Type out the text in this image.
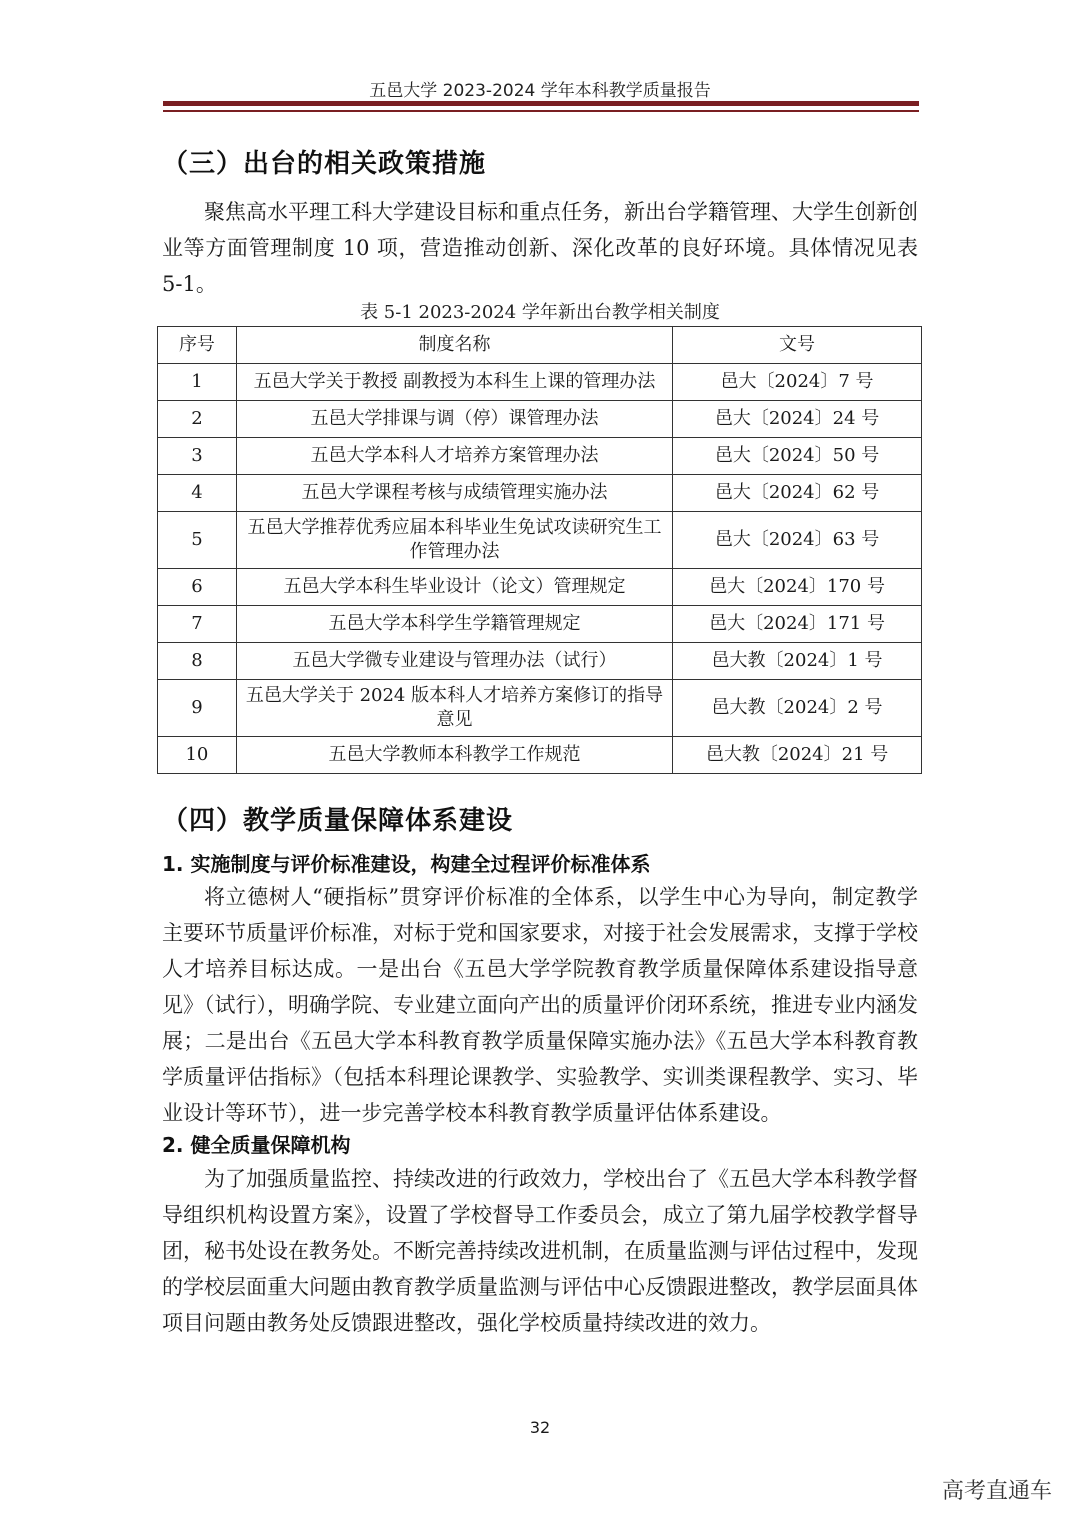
五邑大学 2023-2024 学年本科教学质量报告
（三）出台的相关政策措施

聚焦高水平理工科大学建设目标和重点任务，新出台学籍管理、大学生创新创业等方面管理制度 10 项，营造推动创新、深化改革的良好环境。具体情况见表 5-1。

表 5-1 2023-2024 学年新出台教学相关制度
序号	制度名称	文号
1	五邑大学关于教授 副教授为本科生上课的管理办法	邑大〔2024〕7 号
2	五邑大学排课与调（停）课管理办法	邑大〔2024〕24 号
3	五邑大学本科人才培养方案管理办法	邑大〔2024〕50 号
4	五邑大学课程考核与成绩管理实施办法	邑大〔2024〕62 号
5	五邑大学推荐优秀应届本科毕业生免试攻读研究生工作管理办法	邑大〔2024〕63 号
6	五邑大学本科生毕业设计（论文）管理规定	邑大〔2024〕170 号
7	五邑大学本科学生学籍管理规定	邑大〔2024〕171 号
8	五邑大学微专业建设与管理办法（试行）	邑大教〔2024〕1 号
9	五邑大学关于 2024 版本科人才培养方案修订的指导意见	邑大教〔2024〕2 号
10	五邑大学教师本科教学工作规范	邑大教〔2024〕21 号
（四）教学质量保障体系建设
1. 实施制度与评价标准建设，构建全过程评价标准体系

将立德树人“硬指标”贯穿评价标准的全体系，以学生中心为导向，制定教学主要环节质量评价标准，对标于党和国家要求，对接于社会发展需求，支撑于学校人才培养目标达成。一是出台《五邑大学学院教育教学质量保障体系建设指导意见》（试行），明确学院、专业建立面向产出的质量评价闭环系统，推进专业内涵发展；二是出台《五邑大学本科教育教学质量保障实施办法》《五邑大学本科教育教学质量评估指标》（包括本科理论课教学、实验教学、实训类课程教学、实习、毕业设计等环节），进一步完善学校本科教育教学质量评估体系建设。

2. 健全质量保障机构

为了加强质量监控、持续改进的行政效力，学校出台了《五邑大学本科教学督导组织机构设置方案》，设置了学校督导工作委员会，成立了第九届学校教学督导团，秘书处设在教务处。不断完善持续改进机制，在质量监测与评估过程中，发现的学校层面重大问题由教育教学质量监测与评估中心反馈跟进整改，教学层面具体项目问题由教务处反馈跟进整改，强化学校质量持续改进的效力。

32
高考直通车
